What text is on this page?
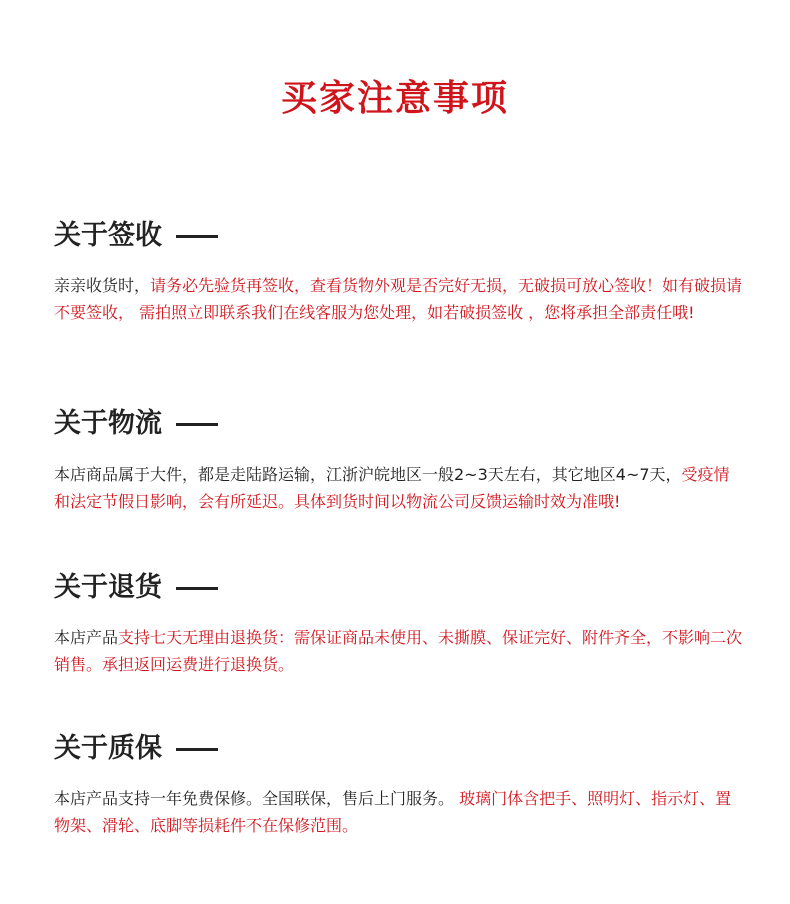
买家注意事项
关于签收

亲亲收货时，请务必先验货再签收，查看货物外观是否完好无损，无破损可放心签收！如有破损请不要签收， 需拍照立即联系我们在线客服为您处理，如若破损签收 ，您将承担全部责任哦!

关于物流

本店商品属于大件，都是走陆路运输，江浙沪皖地区一般2~3天左右，其它地区4~7天，受疫情和法定节假日影响，会有所延迟。具体到货时间以物流公司反馈运输时效为准哦!

关于退货

本店产品支持七天无理由退换货：需保证商品未使用、未撕膜、保证完好、附件齐全，不影响二次销售。承担返回运费进行退换货。

关于质保

本店产品支持一年免费保修。全国联保，售后上门服务。 玻璃门体含把手、照明灯、指示灯、置物架、滑轮、底脚等损耗件不在保修范围。
